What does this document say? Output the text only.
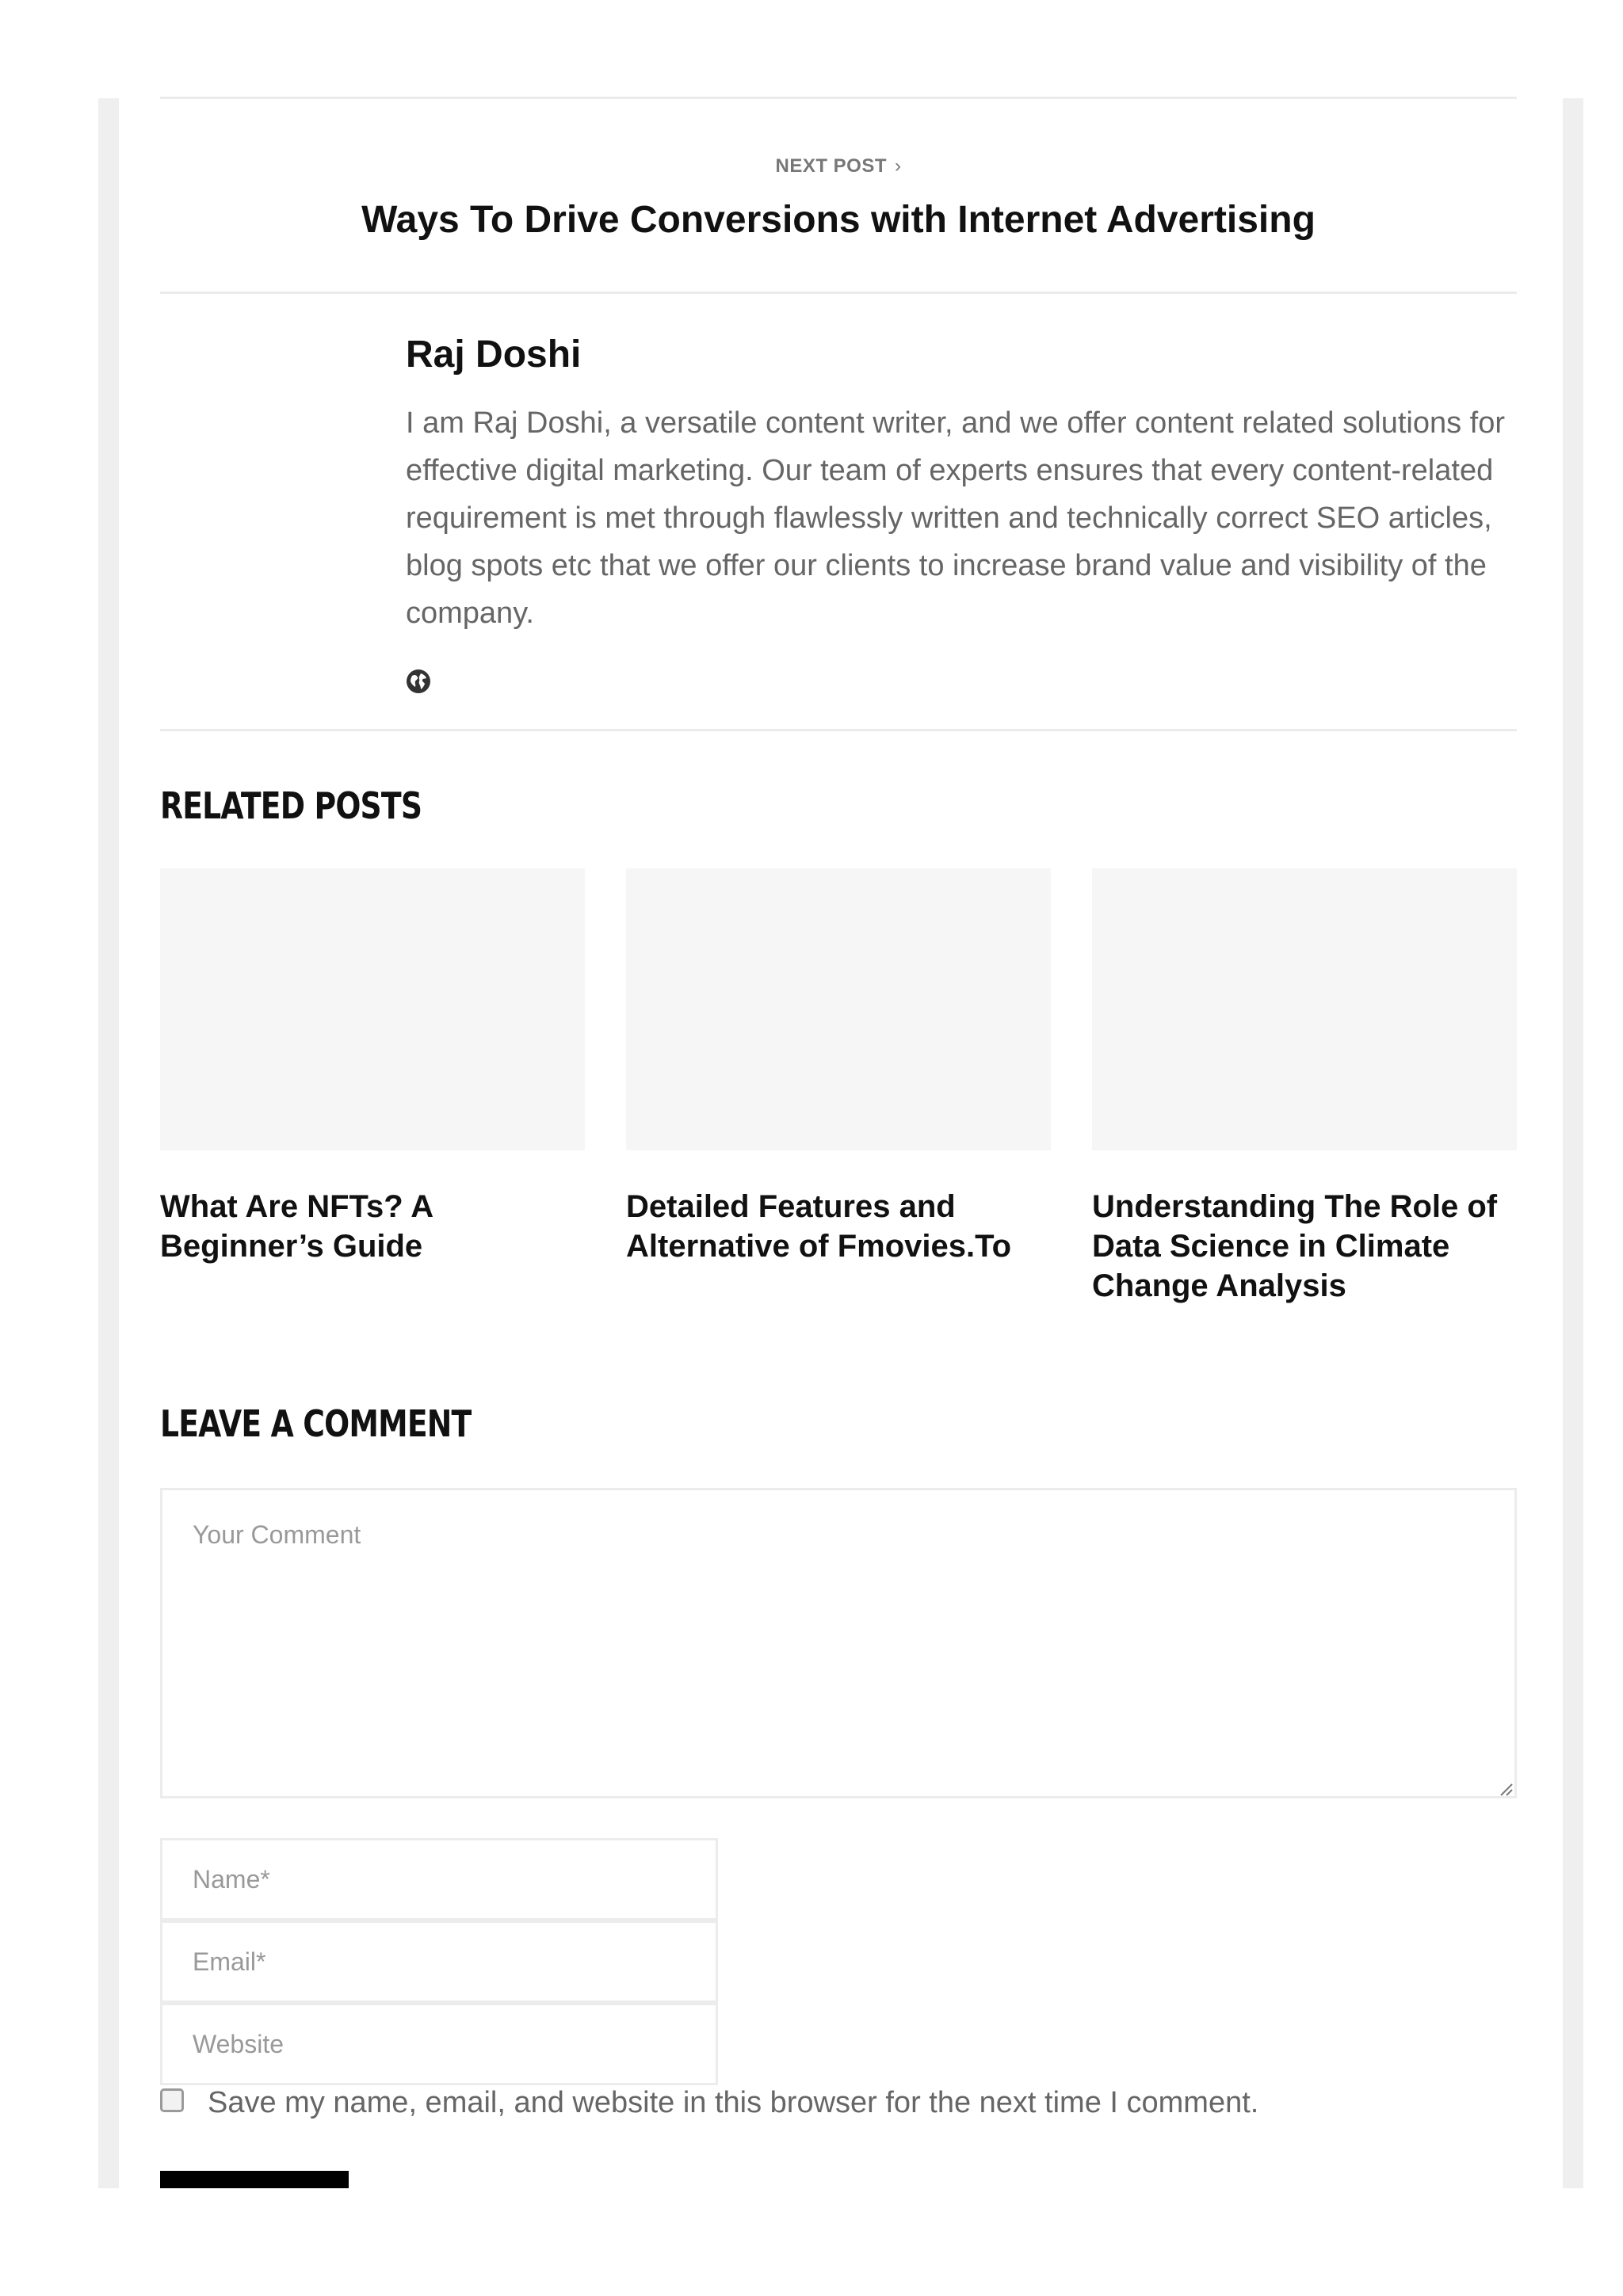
NEXT POST ›
Ways To Drive Conversions with Internet Advertising
Raj Doshi
I am Raj Doshi, a versatile content writer, and we offer content related solutions for effective digital marketing. Our team of experts ensures that every content-related requirement is met through flawlessly written and technically correct SEO articles, blog spots etc that we offer our clients to increase brand value and visibility of the company.
RELATED POSTS
What Are NFTs? A Beginner’s Guide
Detailed Features and Alternative of Fmovies.To
Understanding The Role of Data Science in Climate Change Analysis
LEAVE A COMMENT
Your Comment
Name*
Email*
Website
Save my name, email, and website in this browser for the next time I comment.
